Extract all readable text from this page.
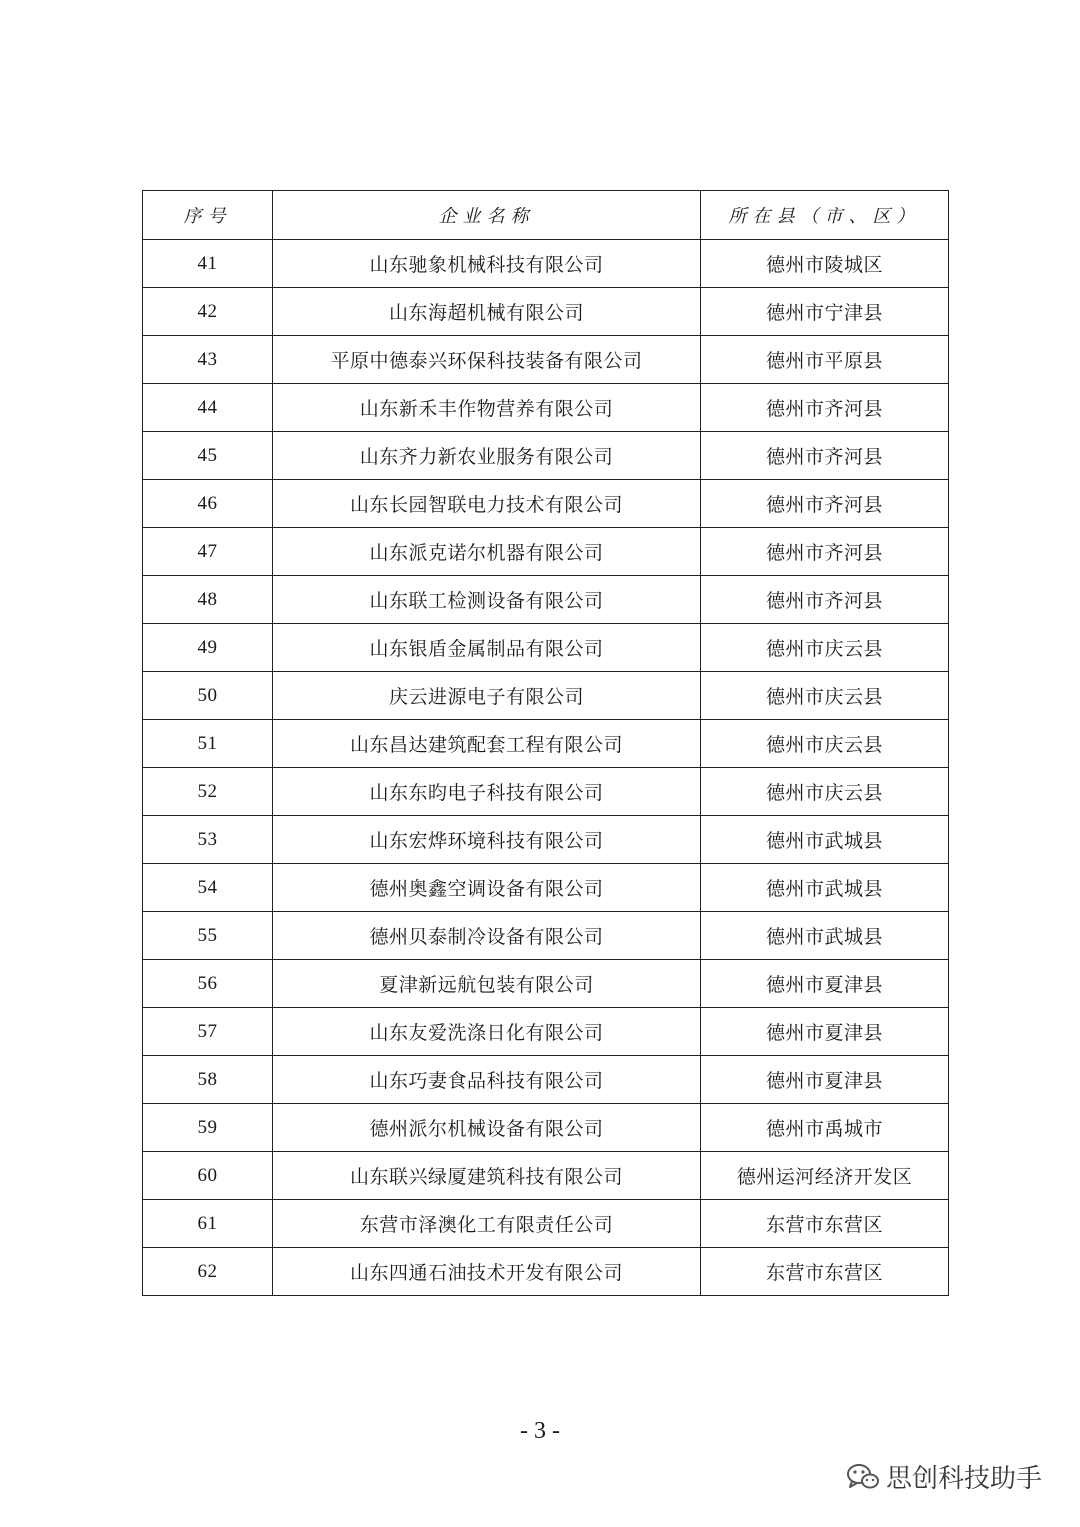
序号	企业名称	所在县（市、区）
41	山东驰象机械科技有限公司	德州市陵城区
42	山东海超机械有限公司	德州市宁津县
43	平原中德泰兴环保科技装备有限公司	德州市平原县
44	山东新禾丰作物营养有限公司	德州市齐河县
45	山东齐力新农业服务有限公司	德州市齐河县
46	山东长园智联电力技术有限公司	德州市齐河县
47	山东派克诺尔机器有限公司	德州市齐河县
48	山东联工检测设备有限公司	德州市齐河县
49	山东银盾金属制品有限公司	德州市庆云县
50	庆云进源电子有限公司	德州市庆云县
51	山东昌达建筑配套工程有限公司	德州市庆云县
52	山东东昀电子科技有限公司	德州市庆云县
53	山东宏烨环境科技有限公司	德州市武城县
54	德州奥鑫空调设备有限公司	德州市武城县
55	德州贝泰制冷设备有限公司	德州市武城县
56	夏津新远航包装有限公司	德州市夏津县
57	山东友爱洗涤日化有限公司	德州市夏津县
58	山东巧妻食品科技有限公司	德州市夏津县
59	德州派尔机械设备有限公司	德州市禹城市
60	山东联兴绿厦建筑科技有限公司	德州运河经济开发区
61	东营市泽澳化工有限责任公司	东营市东营区
62	山东四通石油技术开发有限公司	东营市东营区
- 3 -
思创科技助手
